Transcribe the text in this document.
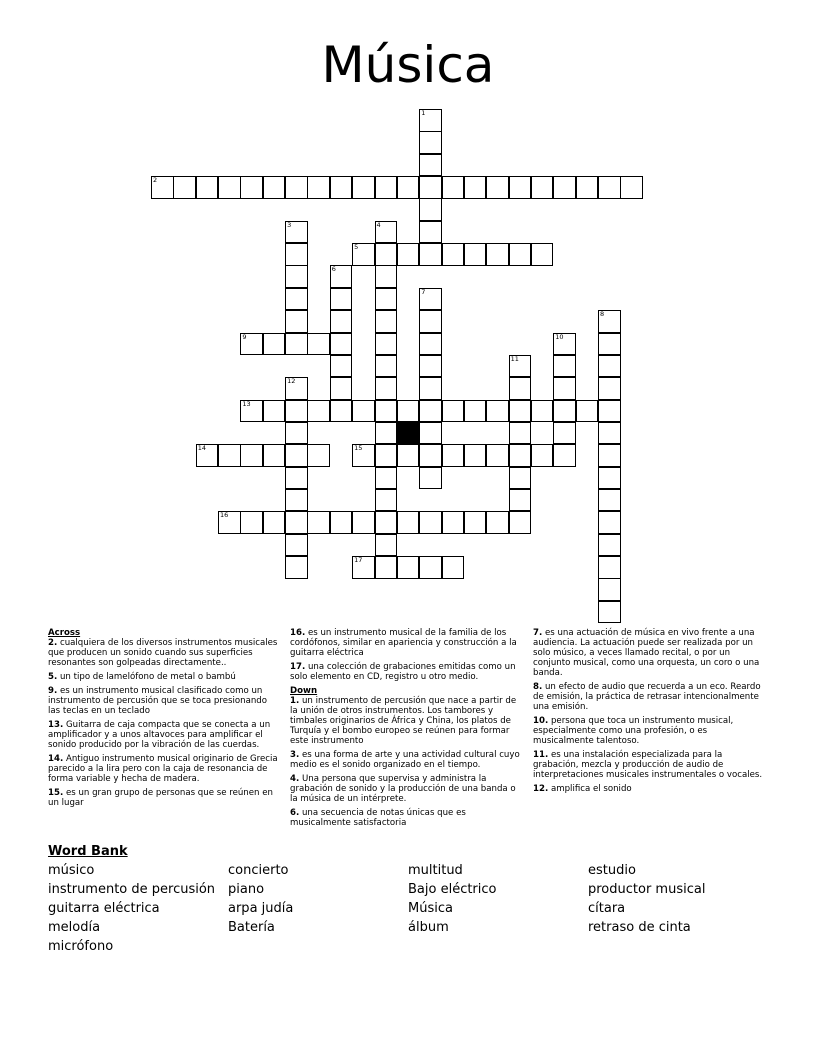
Música
2
5
9
13
14	15
16
17
1
3	4
6
7
8
10
11
12

Across

2. cualquiera de los diversos instrumentos musicales que producen un sonido cuando sus superficies resonantes son golpeadas directamente..

5. un tipo de lamelófono de metal o bambú

9. es un instrumento musical clasificado como un instrumento de percusión que se toca presionando las teclas en un teclado

13. Guitarra de caja compacta que se conecta a un amplificador y a unos altavoces para amplificar el sonido producido por la vibración de las cuerdas.

14. Antiguo instrumento musical originario de Grecia parecido a la lira pero con la caja de resonancia de forma variable y hecha de madera.

15. es un gran grupo de personas que se reúnen en un lugar

16. es un instrumento musical de la familia de los cordófonos, similar en apariencia y construcción a la guitarra eléctrica

17. una colección de grabaciones emitidas como un solo elemento en CD, registro u otro medio.

Down

1. un instrumento de percusión que nace a partir de la unión de otros instrumentos. Los tambores y timbales originarios de África y China, los platos de Turquía y el bombo europeo se reúnen para formar este instrumento

3. es una forma de arte y una actividad cultural cuyo medio es el sonido organizado en el tiempo.

4. Una persona que supervisa y administra la grabación de sonido y la producción de una banda o la música de un intérprete.

6. una secuencia de notas únicas que es musicalmente satisfactoria

7. es una actuación de música en vivo frente a una audiencia. La actuación puede ser realizada por un solo músico, a veces llamado recital, o por un conjunto musical, como una orquesta, un coro o una banda.

8. un efecto de audio que recuerda a un eco. Reardo de emisión, la práctica de retrasar intencionalmente una emisión.

10. persona que toca un instrumento musical, especialmente como una profesión, o es musicalmente talentoso.

11. es una instalación especializada para la grabación, mezcla y producción de audio de interpretaciones musicales instrumentales o vocales.

12. amplifica el sonido

Word Bank
músico
instrumento de percusión
guitarra eléctrica
melodía
micrófono
concierto
piano
arpa judía
Batería
multitud
Bajo eléctrico
Música
álbum
estudio
productor musical
cítara
retraso de cinta
